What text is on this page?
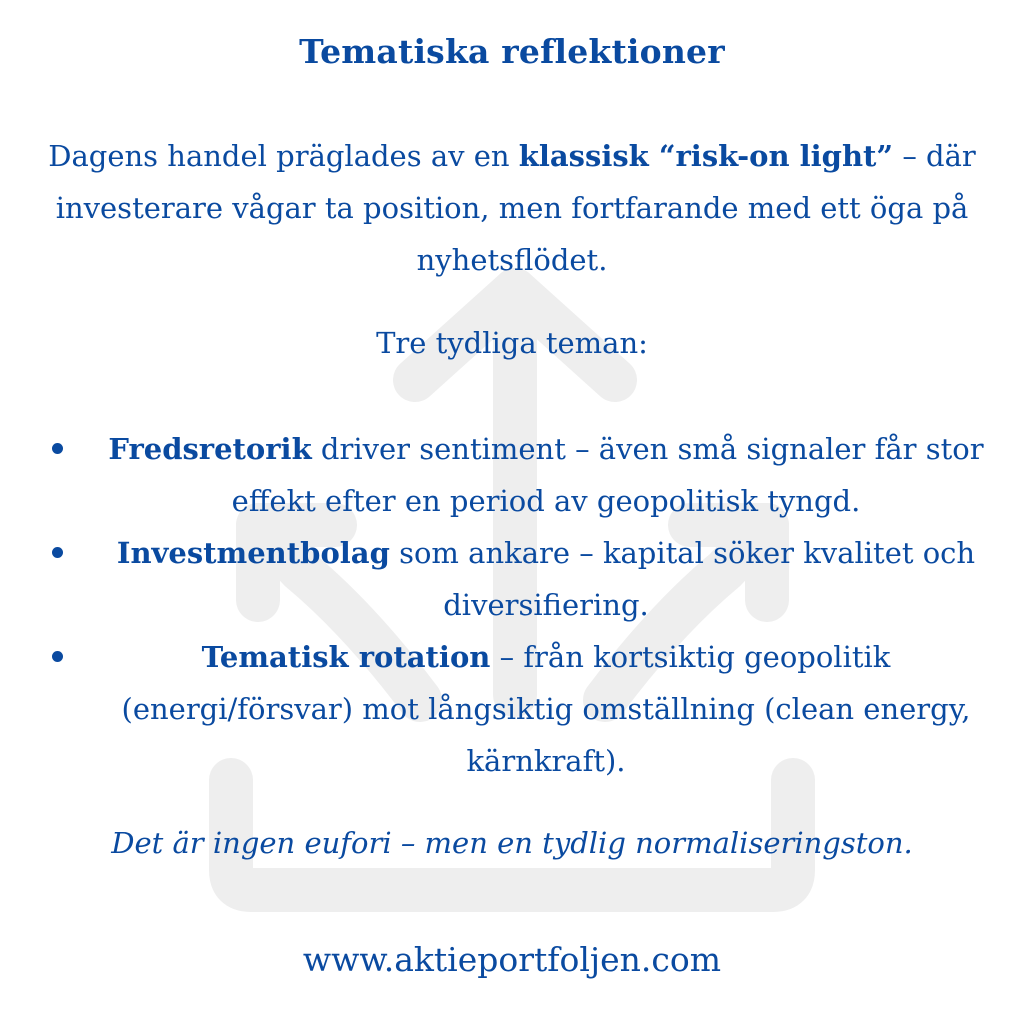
Tematiska reflektioner
Dagens handel präglades av en klassisk “risk-on light” – där investerare vågar ta position, men fortfarande med ett öga på nyhetsflödet.
Tre tydliga teman:
Fredsretorik driver sentiment – även små signaler får stor effekt efter en period av geopolitisk tyngd.
Investmentbolag som ankare – kapital söker kvalitet och diversifiering.
Tematisk rotation – från kortsiktig geopolitik (energi/försvar) mot långsiktig omställning (clean energy, kärnkraft).
Det är ingen eufori – men en tydlig normaliseringston.
www.aktieportfoljen.com
